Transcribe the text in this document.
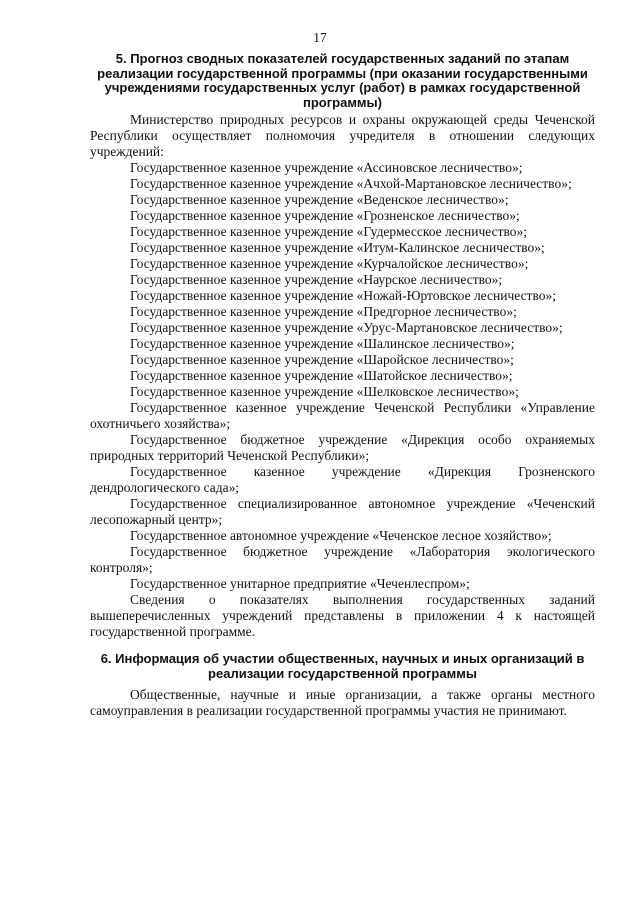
17
5. Прогноз сводных показателей государственных заданий по этапам реализации государственной программы (при оказании государственными учреждениями государственных услуг (работ) в рамках государственной программы)

Министерство природных ресурсов и охраны окружающей среды Чеченской Республики осуществляет полномочия учредителя в отношении следующих учреждений:

Государственное казенное учреждение «Ассиновское лесничество»;

Государственное казенное учреждение «Ачхой-Мартановское лесничество»;

Государственное казенное учреждение «Веденское лесничество»;

Государственное казенное учреждение «Грозненское лесничество»;

Государственное казенное учреждение «Гудермесское лесничество»;

Государственное казенное учреждение «Итум-Калинское лесничество»;

Государственное казенное учреждение «Курчалойское лесничество»;

Государственное казенное учреждение «Наурское лесничество»;

Государственное казенное учреждение «Ножай-Юртовское лесничество»;

Государственное казенное учреждение «Предгорное лесничество»;

Государственное казенное учреждение «Урус-Мартановское лесничество»;

Государственное казенное учреждение «Шалинское лесничество»;

Государственное казенное учреждение «Шаройское лесничество»;

Государственное казенное учреждение «Шатойское лесничество»;

Государственное казенное учреждение «Шелковское лесничество»;

Государственное казенное учреждение Чеченской Республики «Управление охотничьего хозяйства»;

Государственное бюджетное учреждение «Дирекция особо охраняемых природных территорий Чеченской Республики»;

Государственное казенное учреждение «Дирекция Грозненского дендрологического сада»;

Государственное специализированное автономное учреждение «Чеченский лесопожарный центр»;

Государственное автономное учреждение «Чеченское лесное хозяйство»;

Государственное бюджетное учреждение «Лаборатория экологического контроля»;

Государственное унитарное предприятие «Чеченлеспром»;

Сведения о показателях выполнения государственных заданий вышеперечисленных учреждений представлены в приложении 4 к настоящей государственной программе.

6. Информация об участии общественных, научных и иных организаций в реализации государственной программы

Общественные, научные и иные организации, а также органы местного самоуправления в реализации государственной программы участия не принимают.
